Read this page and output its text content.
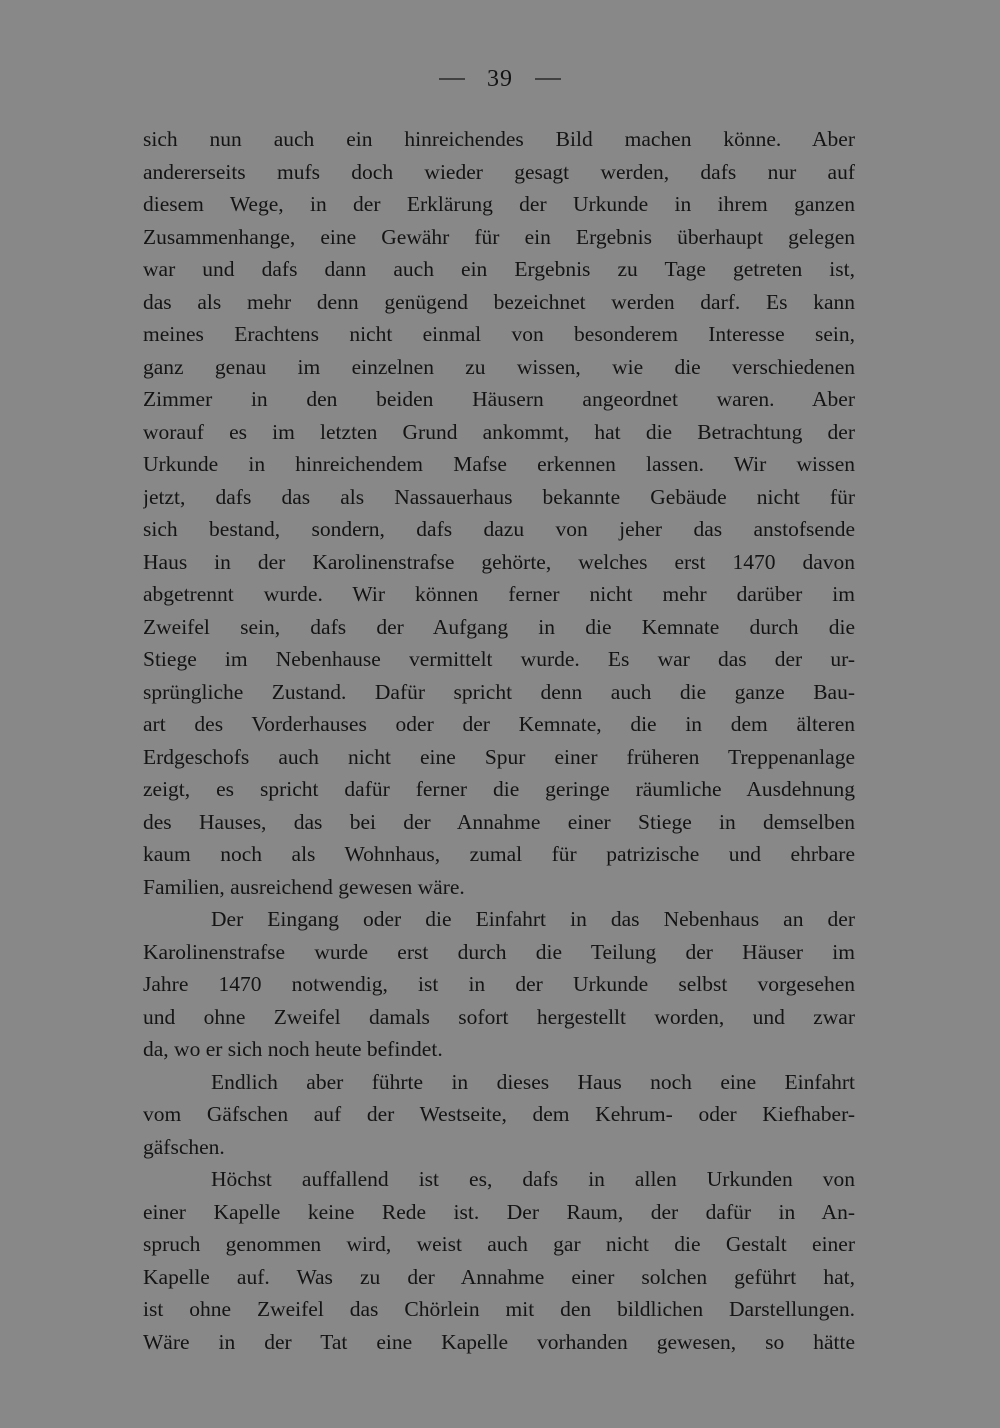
39
sich nun auch ein hinreichendes Bild machen könne. Aber
andererseits mufs doch wieder gesagt werden, dafs nur auf
diesem Wege, in der Erklärung der Urkunde in ihrem ganzen
Zusammenhange, eine Gewähr für ein Ergebnis überhaupt gelegen
war und dafs dann auch ein Ergebnis zu Tage getreten ist,
das als mehr denn genügend bezeichnet werden darf. Es kann
meines Erachtens nicht einmal von besonderem Interesse sein,
ganz genau im einzelnen zu wissen, wie die verschiedenen
Zimmer in den beiden Häusern angeordnet waren. Aber
worauf es im letzten Grund ankommt, hat die Betrachtung der
Urkunde in hinreichendem Mafse erkennen lassen. Wir wissen
jetzt, dafs das als Nassauerhaus bekannte Gebäude nicht für
sich bestand, sondern, dafs dazu von jeher das anstofsende
Haus in der Karolinenstrafse gehörte, welches erst 1470 davon
abgetrennt wurde. Wir können ferner nicht mehr darüber im
Zweifel sein, dafs der Aufgang in die Kemnate durch die
Stiege im Nebenhause vermittelt wurde. Es war das der ur-
sprüngliche Zustand. Dafür spricht denn auch die ganze Bau-
art des Vorderhauses oder der Kemnate, die in dem älteren
Erdgeschofs auch nicht eine Spur einer früheren Treppenanlage
zeigt, es spricht dafür ferner die geringe räumliche Ausdehnung
des Hauses, das bei der Annahme einer Stiege in demselben
kaum noch als Wohnhaus, zumal für patrizische und ehrbare
Familien, ausreichend gewesen wäre.
Der Eingang oder die Einfahrt in das Nebenhaus an der
Karolinenstrafse wurde erst durch die Teilung der Häuser im
Jahre 1470 notwendig, ist in der Urkunde selbst vorgesehen
und ohne Zweifel damals sofort hergestellt worden, und zwar
da, wo er sich noch heute befindet.
Endlich aber führte in dieses Haus noch eine Einfahrt
vom Gäfschen auf der Westseite, dem Kehrum- oder Kiefhaber-
gäfschen.
Höchst auffallend ist es, dafs in allen Urkunden von
einer Kapelle keine Rede ist. Der Raum, der dafür in An-
spruch genommen wird, weist auch gar nicht die Gestalt einer
Kapelle auf. Was zu der Annahme einer solchen geführt hat,
ist ohne Zweifel das Chörlein mit den bildlichen Darstellungen.
Wäre in der Tat eine Kapelle vorhanden gewesen, so hätte
